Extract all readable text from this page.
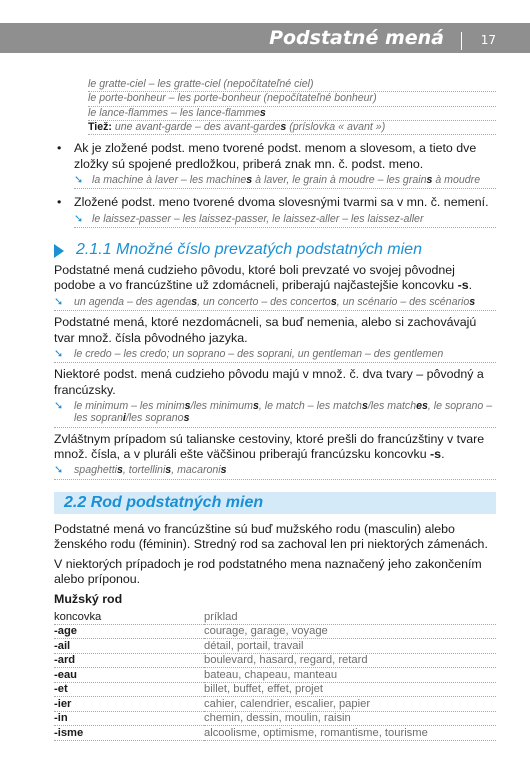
Podstatné mená	17
le gratte-ciel – les gratte-ciel (nepočítateľné ciel)
le porte-bonheur – les porte-bonheur (nepočítateľné bonheur)
le lance-flammes – les lance-flammes
Tiež: une avant-garde – des avant-gardes (príslovka « avant »)
• Ak je zložené podst. meno tvorené podst. menom a slovesom, a tieto dve zložky sú spojené predložkou, priberá znak mn. č. podst. meno.
➘ la machine à laver – les machines à laver, le grain à moudre – les grains à moudre
• Zložené podst. meno tvorené dvoma slovesnými tvarmi sa v mn. č. nemení.
➘ le laissez-passer – les laissez-passer, le laissez-aller – les laissez-aller
2.1.1 Množné číslo prevzatých podstatných mien
Podstatné mená cudzieho pôvodu, ktoré boli prevzaté vo svojej pôvodnej podobe a vo francúzštine už zdomácneli, priberajú najčastejšie koncovku -s.
➘ un agenda – des agendas, un concerto – des concertos, un scénario – des scénarios
Podstatné mená, ktoré nezdomácneli, sa buď nemenia, alebo si zachovávajú tvar množ. čísla pôvodného jazyka.
➘ le credo – les credo; un soprano – des soprani, un gentleman – des gentlemen
Niektoré podst. mená cudzieho pôvodu majú v množ. č. dva tvary – pôvodný a francúzsky.
➘ le minimum – les minims/les minimums, le match – les matchs/les matches, le soprano – les soprani/les sopranos
Zvláštnym prípadom sú talianske cestoviny, ktoré prešli do francúzštiny v tvare množ. čísla, a v pluráli ešte väčšinou priberajú francúzsku koncovku -s.
➘ spaghettis, tortellinis, macaronis
2.2 Rod podstatných mien
Podstatné mená vo francúzštine sú buď mužského rodu (masculin) alebo ženského rodu (féminin). Stredný rod sa zachoval len pri niektorých zámenách.
V niektorých prípadoch je rod podstatného mena naznačený jeho zakončením alebo príponou.
Mužský rod
koncovka	príklad
-age	courage, garage, voyage
-ail	détail, portail, travail
-ard	boulevard, hasard, regard, retard
-eau	bateau, chapeau, manteau
-et	billet, buffet, effet, projet
-ier	cahier, calendrier, escalier, papier
-in	chemin, dessin, moulin, raisin
-isme	alcoolisme, optimisme, romantisme, tourisme
